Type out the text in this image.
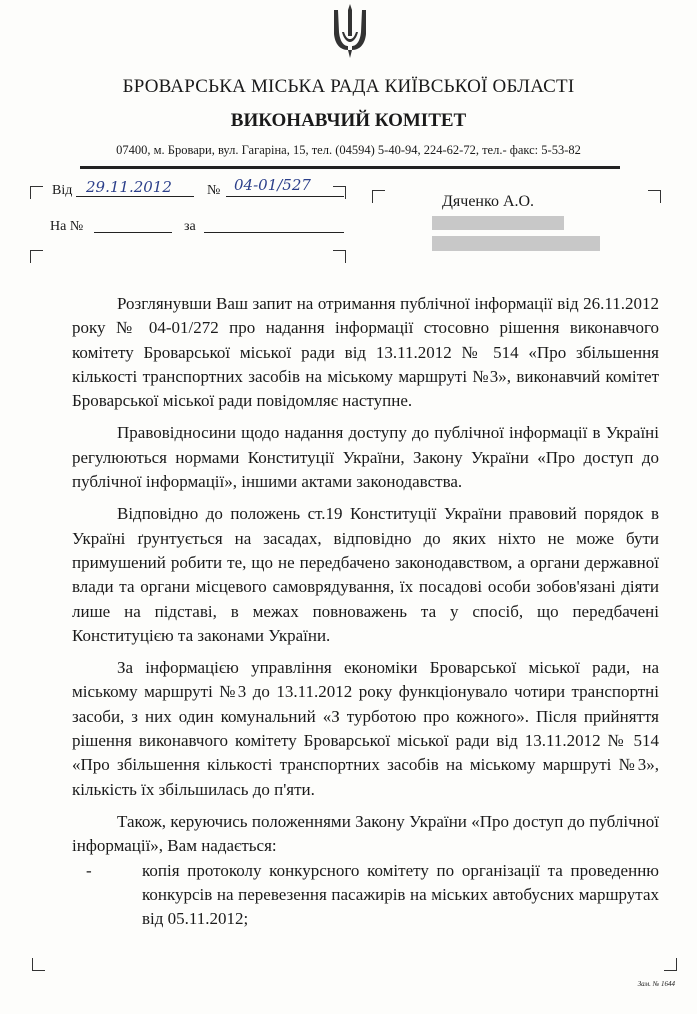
БРОВАРСЬКА МІСЬКА РАДА КИЇВСЬКОЇ ОБЛАСТІ
ВИКОНАВЧИЙ КОМІТЕТ
07400, м. Бровари, вул. Гагаріна, 15, тел. (04594) 5-40-94, 224-62-72, тел.- факс: 5-53-82
Від 29.11.2012	№ 04-01/527
На №	за
Дяченко А.О.

Розглянувши Ваш запит на отримання публічної інформації від 26.11.2012 року № 04-01/272 про надання інформації стосовно рішення виконавчого комітету Броварської міської ради від 13.11.2012 № 514 «Про збільшення кількості транспортних засобів на міському маршруті №3», виконавчий комітет Броварської міської ради повідомляє наступне.

Правовідносини щодо надання доступу до публічної інформації в Україні регулюються нормами Конституції України, Закону України «Про доступ до публічної інформації», іншими актами законодавства.

Відповідно до положень ст.19 Конституції України правовий порядок в Україні ґрунтується на засадах, відповідно до яких ніхто не може бути примушений робити те, що не передбачено законодавством, а органи державної влади та органи місцевого самоврядування, їх посадові особи зобов'язані діяти лише на підставі, в межах повноважень та у спосіб, що передбачені Конституцією та законами України.

За інформацією управління економіки Броварської міської ради, на міському маршруті №3 до 13.11.2012 року функціонувало чотири транспортні засоби, з них один комунальний «З турботою про кожного». Після прийняття рішення виконавчого комітету Броварської міської ради від 13.11.2012 № 514 «Про збільшення кількості транспортних засобів на міському маршруті №3», кількість їх збільшилась до п'яти.

Також, керуючись положеннями Закону України «Про доступ до публічної інформації», Вам надається:

-	копія протоколу конкурсного комітету по організації та проведенню конкурсів на перевезення пасажирів на міських автобусних маршрутах від 05.11.2012;
Зам. № 1644
